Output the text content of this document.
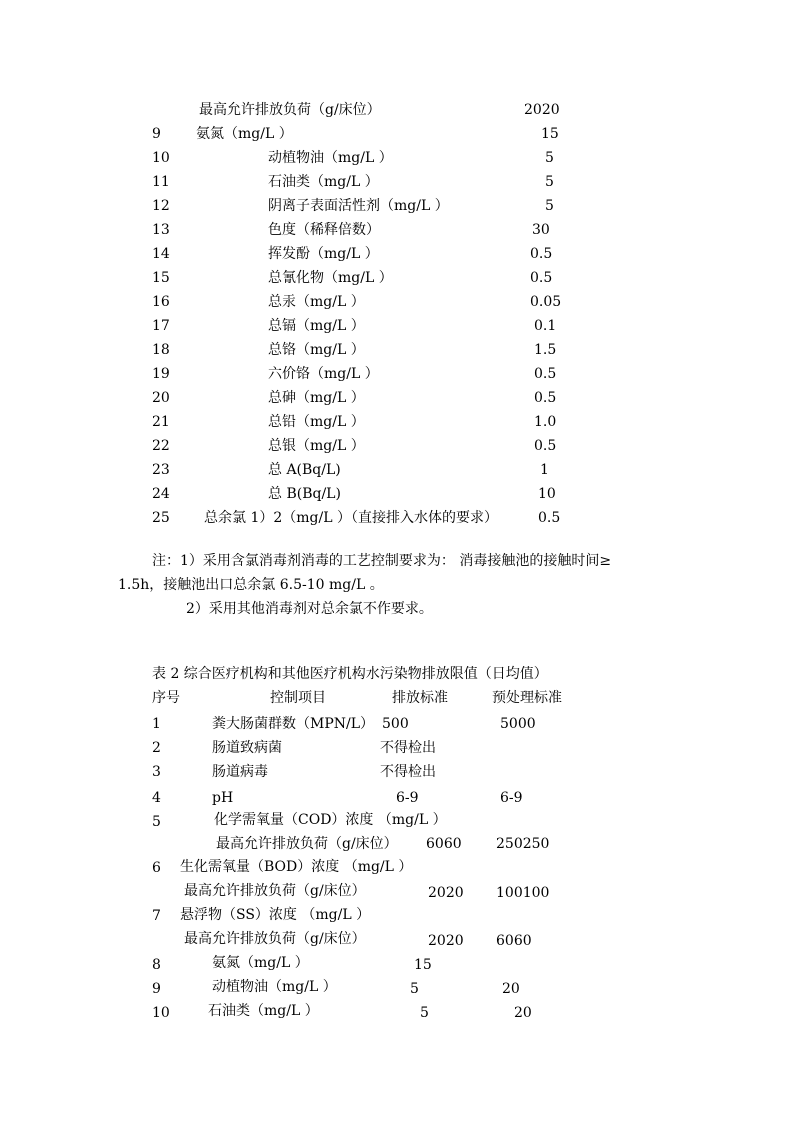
最高允许排放负荷（g/床位）	2020
9	氨氮（mg/L ）	15
10	动植物油（mg/L ）	5
11	石油类（mg/L ）	5
12	阴离子表面活性剂（mg/L ）	5
13	色度（稀释倍数）	30
14	挥发酚（mg/L ）	0.5
15	总氰化物（mg/L ）	0.5
16	总汞（mg/L ）	0.05
17	总镉（mg/L ）	0.1
18	总铬（mg/L ）	1.5
19	六价铬（mg/L ）	0.5
20	总砷（mg/L ）	0.5
21	总铅（mg/L ）	1.0
22	总银（mg/L ）	0.5
23	总 A(Bq/L)	1
24	总 B(Bq/L)	10
25 总余氯 1）2（mg/L ）（直接排入水体的要求）	0.5
注：1）采用含氯消毒剂消毒的工艺控制要求为： 消毒接触池的接触时间≥
1.5h，接触池出口总余氯 6.5-10 mg/L 。
2）采用其他消毒剂对总余氯不作要求。
表 2 综合医疗机构和其他医疗机构水污染物排放限值（日均值）
序号	控制项目	排放标准	预处理标准
1	粪大肠菌群数（MPN/L） 500	5000
2	肠道致病菌	不得检出
3	肠道病毒	不得检出
4	pH	6-9	6-9
5	化学需氧量（COD）浓度 （mg/L ）
最高允许排放负荷（g/床位） 6060 250250
6 生化需氧量（BOD）浓度 （mg/L ）
最高允许排放负荷（g/床位）	2020 100100
7 悬浮物（SS）浓度 （mg/L ）
最高允许排放负荷（g/床位）	2020 6060
8	氨氮（mg/L ）	15
9	动植物油（mg/L ）	5	20
10	石油类（mg/L ）	5	20
